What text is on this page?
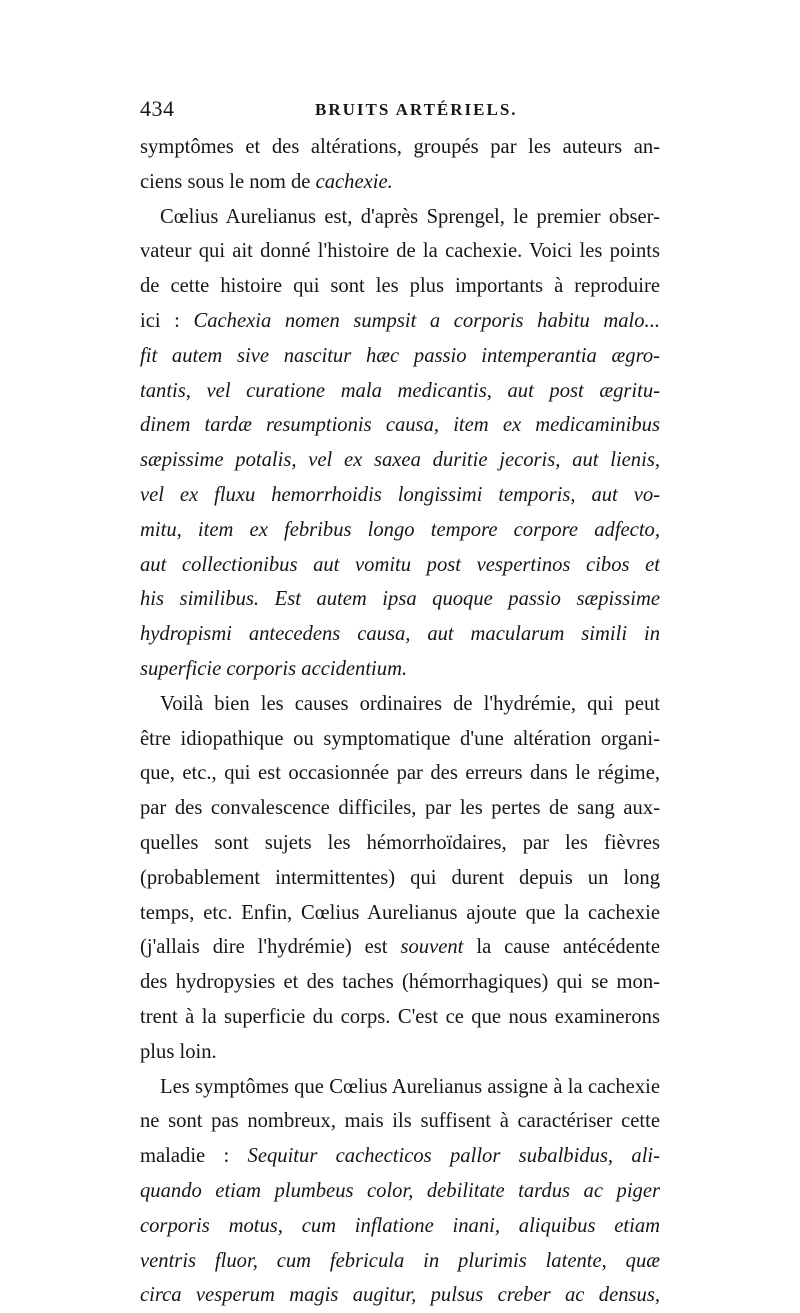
434	BRUITS ARTÉRIELS.
symptômes et des altérations, groupés par les auteurs an-
ciens sous le nom de cachexie.
Cœlius Aurelianus est, d'après Sprengel, le premier obser-
vateur qui ait donné l'histoire de la cachexie. Voici les points
de cette histoire qui sont les plus importants à reproduire
ici : Cachexia nomen sumpsit a corporis habitu malo...
fit autem sive nascitur hæc passio intemperantia ægro-
tantis, vel curatione mala medicantis, aut post ægritu-
dinem tardæ resumptionis causa, item ex medicaminibus
sæpissime potalis, vel ex saxea duritie jecoris, aut lienis,
vel ex fluxu hemorrhoidis longissimi temporis, aut vo-
mitu, item ex febribus longo tempore corpore adfecto,
aut collectionibus aut vomitu post vespertinos cibos et
his similibus. Est autem ipsa quoque passio sæpissime
hydropismi antecedens causa, aut macularum simili in
superficie corporis accidentium.
Voilà bien les causes ordinaires de l'hydrémie, qui peut
être idiopathique ou symptomatique d'une altération organi-
que, etc., qui est occasionnée par des erreurs dans le régime,
par des convalescence difficiles, par les pertes de sang aux-
quelles sont sujets les hémorrhoïdaires, par les fièvres
(probablement intermittentes) qui durent depuis un long
temps, etc. Enfin, Cœlius Aurelianus ajoute que la cachexie
(j'allais dire l'hydrémie) est souvent la cause antécédente
des hydropysies et des taches (hémorrhagiques) qui se mon-
trent à la superficie du corps. C'est ce que nous examinerons
plus loin.
Les symptômes que Cœlius Aurelianus assigne à la cachexie
ne sont pas nombreux, mais ils suffisent à caractériser cette
maladie : Sequitur cachecticos pallor subalbidus, ali-
quando etiam plumbeus color, debilitate tardus ac piger
corporis motus, cum inflatione inani, aliquibus etiam
ventris fluor, cum febricula in plurimis latente, quæ
circa vesperum magis augitur, pulsus creber ac densus,
